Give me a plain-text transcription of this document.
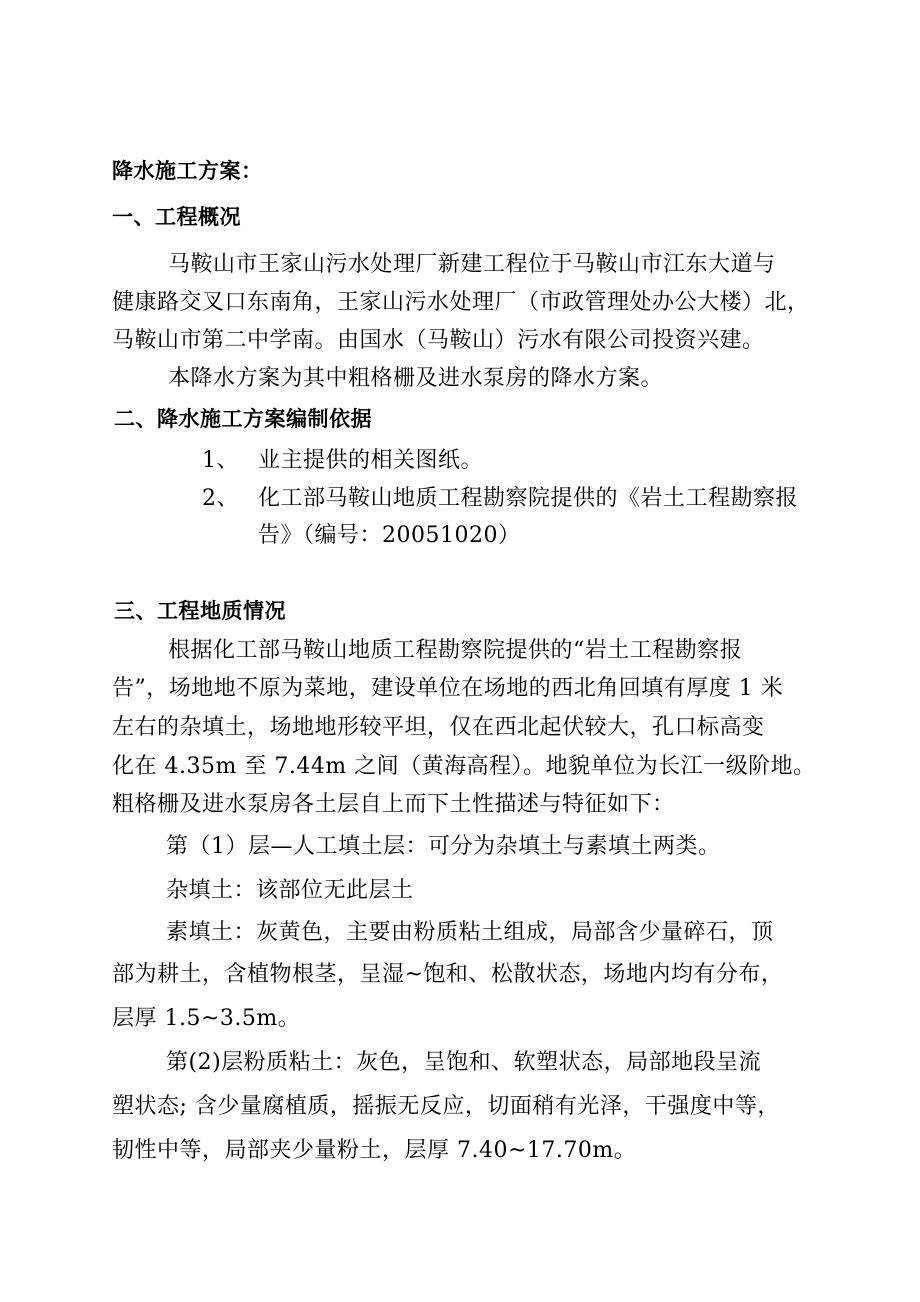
降水施工方案：
一、工程概况
马鞍山市王家山污水处理厂新建工程位于马鞍山市江东大道与
健康路交叉口东南角，王家山污水处理厂（市政管理处办公大楼）北，
马鞍山市第二中学南。由国水（马鞍山）污水有限公司投资兴建。
本降水方案为其中粗格栅及进水泵房的降水方案。
二、降水施工方案编制依据
1、 业主提供的相关图纸。
2、 化工部马鞍山地质工程勘察院提供的《岩土工程勘察报
告》（编号：20051020）
三、工程地质情况
根据化工部马鞍山地质工程勘察院提供的“岩土工程勘察报
告”，场地地不原为菜地，建设单位在场地的西北角回填有厚度 1 米
左右的杂填土，场地地形较平坦，仅在西北起伏较大，孔口标高变
化在 4.35m 至 7.44m 之间（黄海高程）。地貌单位为长江一级阶地。
粗格栅及进水泵房各土层自上而下土性描述与特征如下：
第（1）层—人工填土层：可分为杂填土与素填土两类。
杂填土：该部位无此层土
素填土：灰黄色，主要由粉质粘土组成，局部含少量碎石，顶
部为耕土，含植物根茎，呈湿~饱和、松散状态，场地内均有分布，
层厚 1.5~3.5m。
第(2)层粉质粘土：灰色，呈饱和、软塑状态，局部地段呈流
塑状态; 含少量腐植质，摇振无反应，切面稍有光泽，干强度中等，
韧性中等，局部夹少量粉土，层厚 7.40~17.70m。
